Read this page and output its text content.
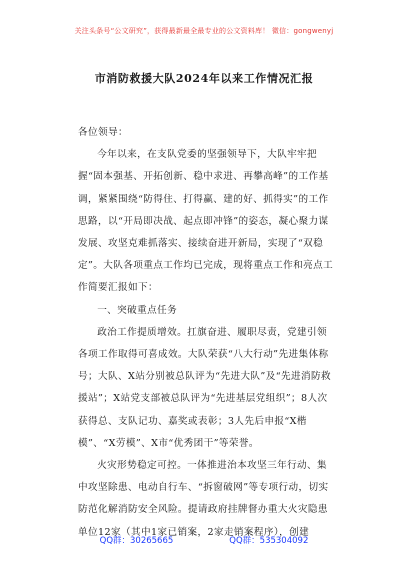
关注头条号“公文研究”，获得最新最全最专业的公文资料库！ 微信：gongwenyj
市消防救援大队2024年以来工作情况汇报

各位领导：

今年以来，在支队党委的坚强领导下，大队牢牢把握“固本强基、开拓创新、稳中求进、再攀高峰”的工作基调，紧紧围绕“防得住、打得赢、建的好、抓得实”的工作思路，以“开局即决战、起点即冲锋”的姿态，凝心聚力谋发展、攻坚克难抓落实、接续奋进开新局，实现了“双稳定”。大队各项重点工作均已完成，现将重点工作和亮点工作简要汇报如下：

一、突破重点任务

政治工作提质增效。扛旗奋进、履职尽责，党建引领各项工作取得可喜成效。大队荣获“八大行动”先进集体称号；大队、X站分别被总队评为“先进大队”及“先进消防救援站”；X站党支部被总队评为“先进基层党组织”；8人次获得总、支队记功、嘉奖或表彰；3人先后申报“X楷模”、“X劳模”、X市“优秀团干”等荣誉。

火灾形势稳定可控。一体推进治本攻坚三年行动、集中攻坚除患、电动自行车、“拆窗破网”等专项行动，切实防范化解消防安全风险。提请政府挂牌督办重大火灾隐患单位12家（其中1家已销案，2家走销案程序），创建

QQ群：30265665	QQ群：535304092
